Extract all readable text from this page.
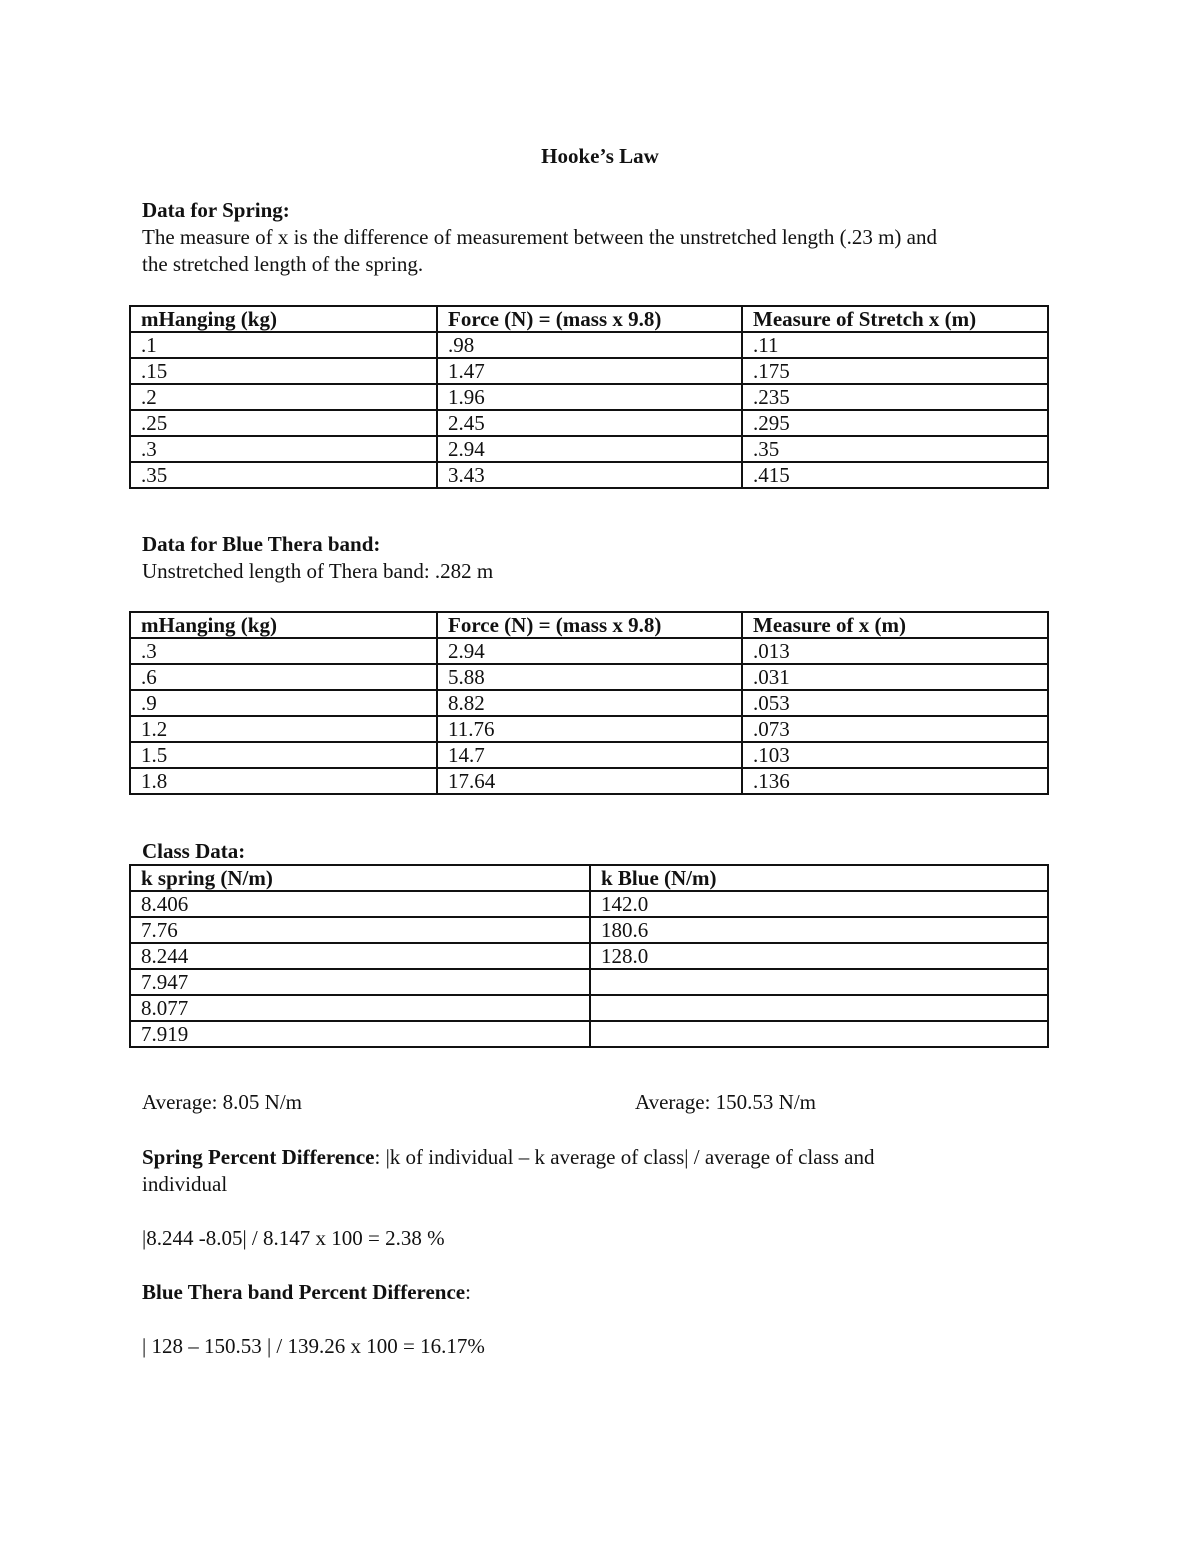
Hooke’s Law
Data for Spring:
The measure of x is the difference of measurement between the unstretched length (.23 m) and
the stretched length of the spring.
mHanging (kg)	Force (N) = (mass x 9.8)	Measure of Stretch x (m)
.1	.98	.11
.15	1.47	.175
.2	1.96	.235
.25	2.45	.295
.3	2.94	.35
.35	3.43	.415
Data for Blue Thera band:
Unstretched length of Thera band: .282 m
mHanging (kg)	Force (N) = (mass x 9.8)	Measure of x (m)
.3	2.94	.013
.6	5.88	.031
.9	8.82	.053
1.2	11.76	.073
1.5	14.7	.103
1.8	17.64	.136
Class Data:
k spring (N/m)	k Blue (N/m)
8.406	142.0
7.76	180.6
8.244	128.0
7.947	
8.077	
7.919	
Average: 8.05 N/m	Average: 150.53 N/m
Spring Percent Difference: |k of individual – k average of class| / average of class and
individual
|8.244 -8.05| / 8.147 x 100 = 2.38 %
Blue Thera band Percent Difference:
| 128 – 150.53 | / 139.26 x 100 = 16.17%
